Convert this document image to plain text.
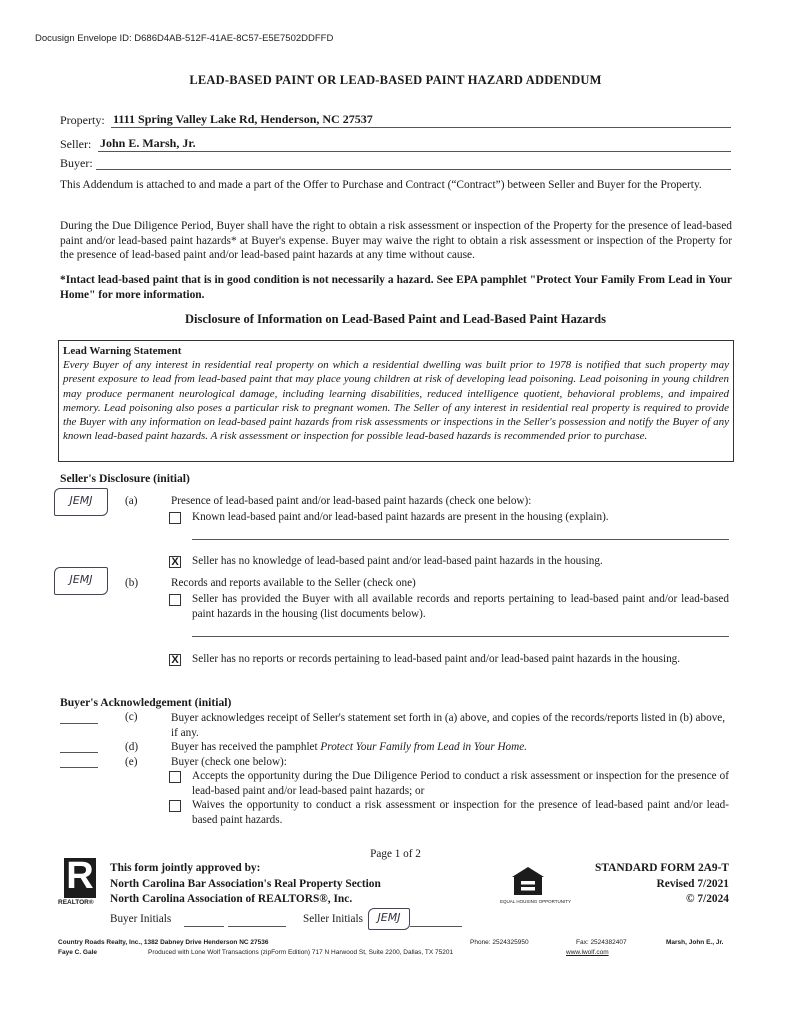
Docusign Envelope ID: D686D4AB-512F-41AE-8C57-E5E7502DDFFD
LEAD-BASED PAINT OR LEAD-BASED PAINT HAZARD ADDENDUM
Property: 1111 Spring Valley Lake Rd, Henderson, NC 27537
Seller: John E. Marsh, Jr.
Buyer:

This Addendum is attached to and made a part of the Offer to Purchase and Contract (“Contract”) between Seller and Buyer for the Property.

During the Due Diligence Period, Buyer shall have the right to obtain a risk assessment or inspection of the Property for the presence of lead-based paint and/or lead-based paint hazards* at Buyer's expense. Buyer may waive the right to obtain a risk assessment or inspection of the Property for the presence of lead-based paint and/or lead-based paint hazards at any time without cause.

*Intact lead-based paint that is in good condition is not necessarily a hazard. See EPA pamphlet "Protect Your Family From Lead in Your Home" for more information.

Disclosure of Information on Lead-Based Paint and Lead-Based Paint Hazards
Lead Warning Statement
Every Buyer of any interest in residential real property on which a residential dwelling was built prior to 1978 is notified that such property may present exposure to lead from lead-based paint that may place young children at risk of developing lead poisoning. Lead poisoning in young children may produce permanent neurological damage, including learning disabilities, reduced intelligence quotient, behavioral problems, and impaired memory. Lead poisoning also poses a particular risk to pregnant women. The Seller of any interest in residential real property is required to provide the Buyer with any information on lead-based paint hazards from risk assessments or inspections in the Seller's possession and notify the Buyer of any known lead-based paint hazards. A risk assessment or inspection for possible lead-based hazards is recommended prior to purchase.
Seller's Disclosure (initial)
JEMJ	(a)	Presence of lead-based paint and/or lead-based paint hazards (check one below):
Known lead-based paint and/or lead-based paint hazards are present in the housing (explain).
X Seller has no knowledge of lead-based paint and/or lead-based paint hazards in the housing.
JEMJ	(b)	Records and reports available to the Seller (check one)
Seller has provided the Buyer with all available records and reports pertaining to lead-based paint and/or lead-based paint hazards in the housing (list documents below).
X Seller has no reports or records pertaining to lead-based paint and/or lead-based paint hazards in the housing.
Buyer's Acknowledgement (initial)
(c)	Buyer acknowledges receipt of Seller's statement set forth in (a) above, and copies of the records/reports listed in (b) above, if any.
(d)	Buyer has received the pamphlet Protect Your Family from Lead in Your Home.
(e)	Buyer (check one below):
Accepts the opportunity during the Due Diligence Period to conduct a risk assessment or inspection for the presence of lead-based paint and/or lead-based paint hazards; or
Waives the opportunity to conduct a risk assessment or inspection for the presence of lead-based paint and/or lead-based paint hazards.
Page 1 of 2
R
REALTOR®
This form jointly approved by:
North Carolina Bar Association's Real Property Section
North Carolina Association of REALTORS®, Inc.	EQUAL HOUSING OPPORTUNITY
STANDARD FORM 2A9-T
Revised 7/2021
© 7/2024
Buyer Initials	Seller Initials	JEMJ
Country Roads Realty, Inc., 1382 Dabney Drive Henderson NC 27536	Phone: 2524325950	Fax: 2524382407	Marsh, John E., Jr.
Faye C. Gale	Produced with Lone Wolf Transactions (zipForm Edition) 717 N Harwood St, Suite 2200, Dallas, TX 75201	www.lwolf.com
